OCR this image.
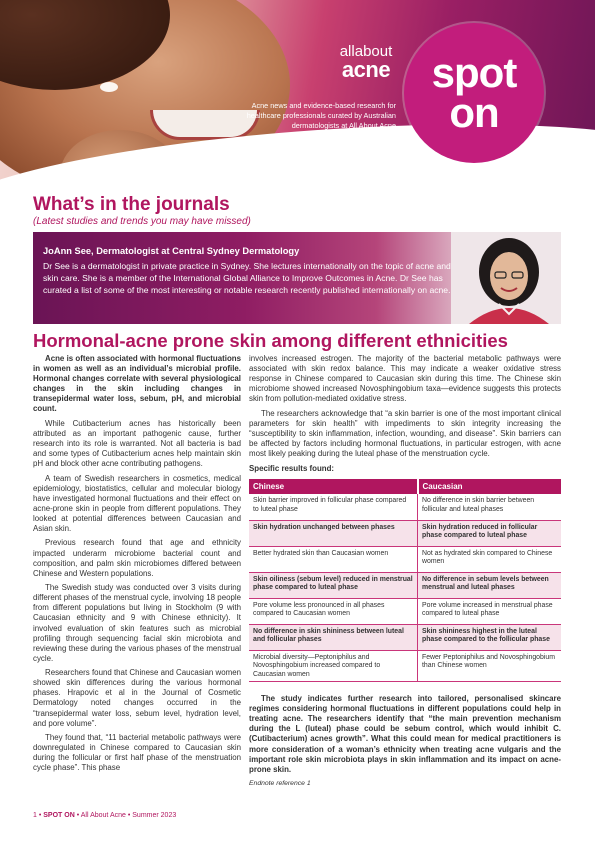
allabout
acne spot
on
Acne news and evidence-based research for healthcare professionals curated by Australian dermatologists at All About Acne
Summer 2023
What’s in the journals
(Latest studies and trends you may have missed)
JoAnn See, Dermatologist at Central Sydney Dermatology
Dr See is a dermatologist in private practice in Sydney. She lectures internationally on the topic of acne and skin care. She is a member of the International Global Alliance to Improve Outcomes in Acne. Dr See has curated a list of some of the most interesting or notable research recently published internationally on acne.
Hormonal-acne prone skin among different ethnicities

Acne is often associated with hormonal fluctuations in women as well as an individual’s microbial profile. Hormonal changes correlate with several physiological changes in the skin including changes in transepidermal water loss, sebum, pH, and microbial count.

While Cutibacterium acnes has historically been attributed as an important pathogenic cause, further research into its role is warranted. Not all bacteria is bad and some types of Cutibacterium acnes help maintain skin pH and block other acne contributing pathogens.

A team of Swedish researchers in cosmetics, medical epidemiology, biostatistics, cellular and molecular biology have investigated hormonal fluctuations and their effect on acne-prone skin in people from different populations. They looked at potential differences between Caucasian and Asian skin.

Previous research found that age and ethnicity impacted underarm microbiome bacterial count and composition, and palm skin microbiomes differed between Chinese and Western populations.

The Swedish study was conducted over 3 visits during different phases of the menstrual cycle, involving 18 people from different populations but living in Stockholm (9 with Caucasian ethnicity and 9 with Chinese ethnicity). It involved evaluation of skin features such as microbial profiling through sequencing facial skin microbiota and reviewing these during the various phases of the menstrual cycle.

Researchers found that Chinese and Caucasian women showed skin differences during the various hormonal phases. Hrapovic et al in the Journal of Cosmetic Dermatology noted changes occurred in the “transepidermal water loss, sebum level, hydration level, and pore volume”.

They found that, “11 bacterial metabolic pathways were downregulated in Chinese compared to Caucasian skin during the follicular or first half phase of the menstruation cycle phase”. This phase

involves increased estrogen. The majority of the bacterial metabolic pathways were associated with skin redox balance. This may indicate a weaker oxidative stress response in Chinese compared to Caucasian skin during this time. The Chinese skin microbiome showed increased Novosphingobium taxa—evidence suggests this protects skin from pollution-mediated oxidative stress.

The researchers acknowledge that “a skin barrier is one of the most important clinical parameters for skin health” with impediments to skin integrity increasing the “susceptibility to skin inflammation, infection, wounding, and disease”. Skin barriers can be affected by factors including hormonal fluctuations, in particular estrogen, with acne most likely peaking during the luteal phase of the menstruation cycle.

Specific results found:

Chinese	Caucasian
Skin barrier improved in follicular phase compared to luteal phase	No difference in skin barrier between follicular and luteal phases
Skin hydration unchanged between phases	Skin hydration reduced in follicular phase compared to luteal phase
Better hydrated skin than Caucasian women	Not as hydrated skin compared to Chinese women
Skin oiliness (sebum level) reduced in menstrual phase compared to luteal phase	No difference in sebum levels between menstrual and luteal phases
Pore volume less pronounced in all phases compared to Caucasian women	Pore volume increased in menstrual phase compared to luteal phase
No difference in skin shininess between luteal and follicular phases	Skin shininess highest in the luteal phase compared to the follicular phase
Microbial diversity—Peptoniphilus and Novosphingobium increased compared to Caucasian women	Fewer Peptoniphilus and Novosphingobium than Chinese women

The study indicates further research into tailored, personalised skincare regimes considering hormonal fluctuations in different populations could help in treating acne. The researchers identify that “the main prevention mechanism during the L (luteal) phase could be sebum control, which would inhibit C. (Cutibacterium) acnes growth”. What this could mean for medical practitioners is more consideration of a woman’s ethnicity when treating acne vulgaris and the important role skin microbiota plays in skin inflammation and its impact on acne-prone skin.

Endnote reference 1
1 • SPOT ON • All About Acne • Summer 2023
